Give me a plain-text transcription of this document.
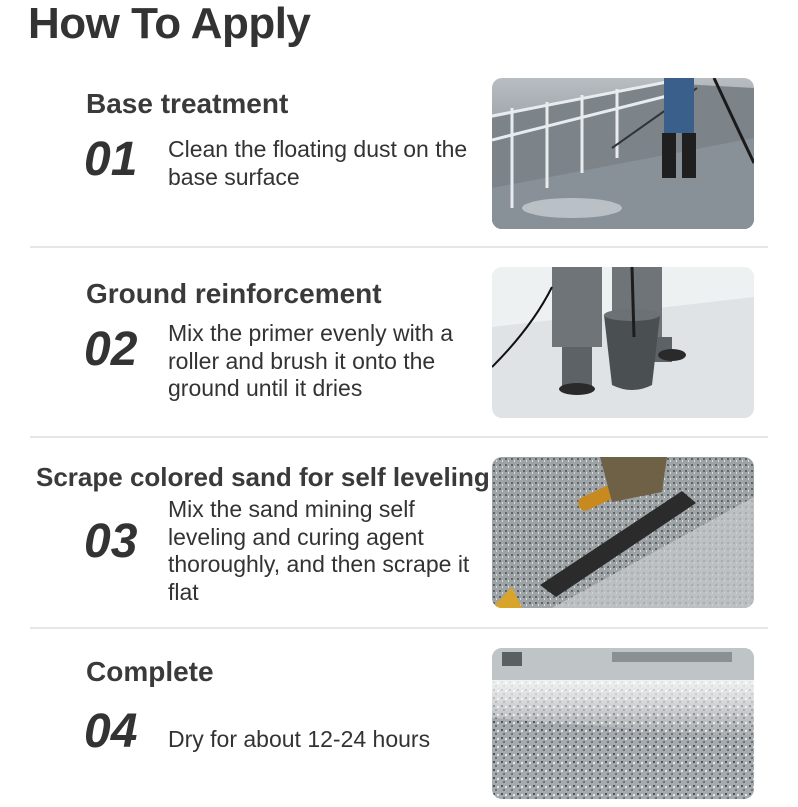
How To Apply
Base treatment
01 Clean the floating dust on the base surface
Ground reinforcement
02 Mix the primer evenly with a roller and brush it onto the ground until it dries
Scrape colored sand for self leveling
03
Mix the sand mining self leveling and curing agent thoroughly, and then scrape it flat
Complete
04 Dry for about 12-24 hours
